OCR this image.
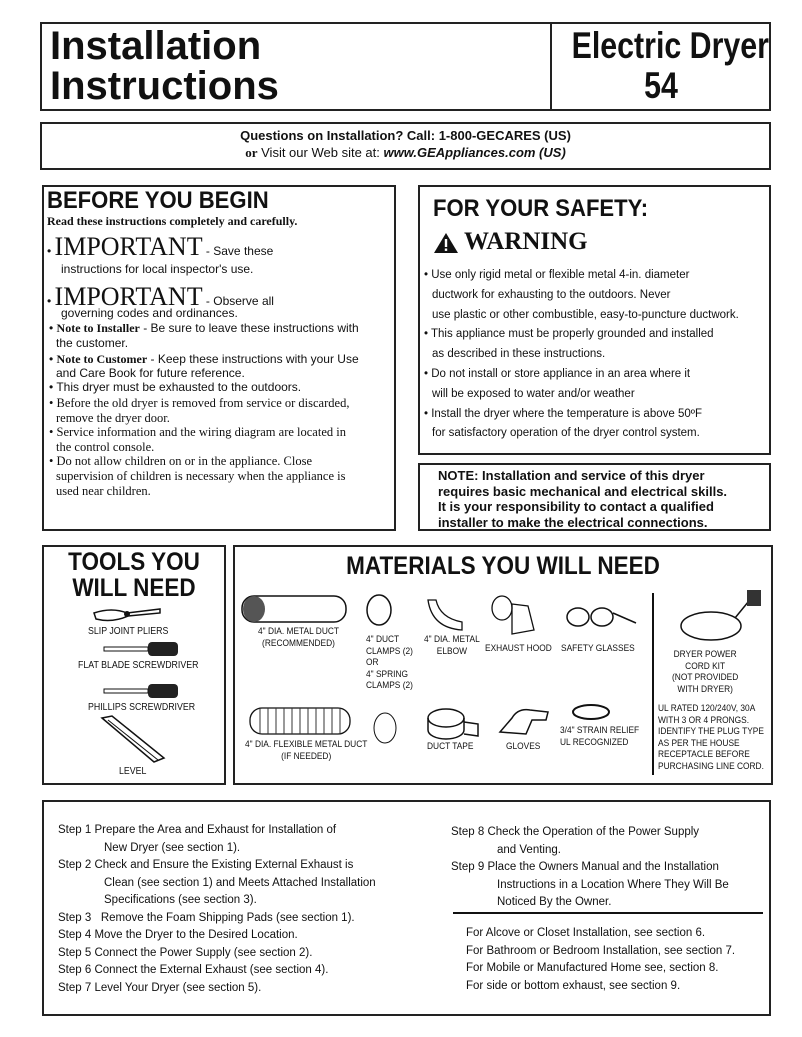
Installation
Instructions
Electric Dryer
54
Questions on Installation? Call: 1-800-GECARES (US)
or Visit our Web site at: www.GEAppliances.com (US)
BEFORE YOU BEGIN
Read these instructions completely and carefully.
• IMPORTANT - Save these
instructions for local inspector's use.
• IMPORTANT - Observe all
governing codes and ordinances.
• Note to Installer - Be sure to leave these instructions with
the customer.
• Note to Customer - Keep these instructions with your Use
and Care Book for future reference.
• This dryer must be exhausted to the outdoors.
• Before the old dryer is removed from service or discarded,
remove the dryer door.
• Service information and the wiring diagram are located in
the control console.
• Do not allow children on or in the appliance. Close
supervision of children is necessary when the appliance is
used near children.
FOR YOUR SAFETY:
WARNING
• Use only rigid metal or flexible metal 4-in. diameter
ductwork for exhausting to the outdoors. Never
use plastic or other combustible, easy-to-puncture ductwork.
• This appliance must be properly grounded and installed
as described in these instructions.
• Do not install or store appliance in an area where it
will be exposed to water and/or weather
• Install the dryer where the temperature is above 50ºF
for satisfactory operation of the dryer control system.
NOTE: Installation and service of this dryer
requires basic mechanical and electrical skills.
It is your responsibility to contact a qualified
installer to make the electrical connections.
TOOLS YOU
WILL NEED
SLIP JOINT PLIERS
FLAT BLADE SCREWDRIVER
PHILLIPS SCREWDRIVER
LEVEL
MATERIALS YOU WILL NEED
4" DIA. METAL DUCT
(RECOMMENDED)	4" DUCT
CLAMPS (2)
OR
4" SPRING
CLAMPS (2)
4" DIA. METAL
ELBOW	EXHAUST HOOD SAFETY GLASSES
DRYER POWER
CORD KIT
(NOT PROVIDED
WITH DRYER)
UL RATED 120/240V, 30A
WITH 3 OR 4 PRONGS.
IDENTIFY THE PLUG TYPE
AS PER THE HOUSE
RECEPTACLE BEFORE
PURCHASING LINE CORD.
4" DIA. FLEXIBLE METAL DUCT
(IF NEEDED)
DUCT TAPE	GLOVES
3/4" STRAIN RELIEF
UL RECOGNIZED
Step 1 Prepare the Area and Exhaust for Installation of
New Dryer (see section 1).
Step 2 Check and Ensure the Existing External Exhaust is
Clean (see section 1) and Meets Attached Installation
Specifications (see section 3).
Step 3   Remove the Foam Shipping Pads (see section 1).
Step 4 Move the Dryer to the Desired Location.
Step 5 Connect the Power Supply (see section 2).
Step 6 Connect the External Exhaust (see section 4).
Step 7 Level Your Dryer (see section 5).
Step 8 Check the Operation of the Power Supply
and Venting.
Step 9 Place the Owners Manual and the Installation
Instructions in a Location Where They Will Be
Noticed By the Owner.
For Alcove or Closet Installation, see section 6.
For Bathroom or Bedroom Installation, see section 7.
For Mobile or Manufactured Home see, section 8.
For side or bottom exhaust, see section 9.
